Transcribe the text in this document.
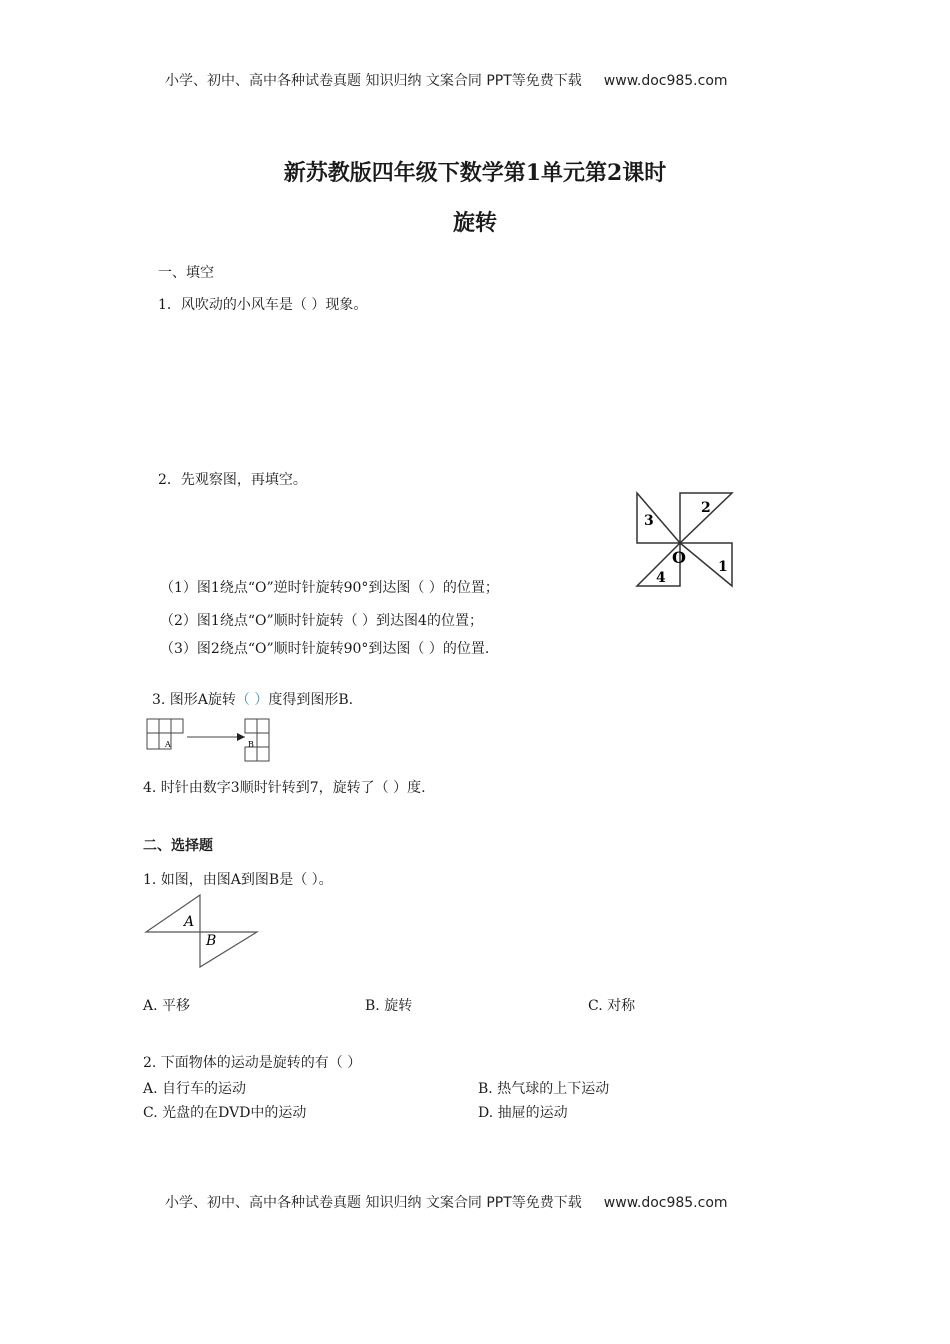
小学、初中、高中各种试卷真题 知识归纳 文案合同 PPT等免费下载 www.doc985.com
新苏教版四年级下数学第1单元第2课时
旋转
一、填空
1．风吹动的小风车是（ ）现象。
2．先观察图，再填空。
（1）图1绕点“O”逆时针旋转90°到达图（ ）的位置；
（2）图1绕点“O”顺时针旋转（ ）到达图4的位置；
（3）图2绕点“O”顺时针旋转90°到达图（ ）的位置.
2
3
4
1
O
3. 图形A旋转（ ）度得到图形B.
A	B
4. 时针由数字3顺时针转到7，旋转了（ ）度.
二、选择题
1. 如图，由图A到图B是（ ）。
A
B
A. 平移	B. 旋转	C. 对称
2. 下面物体的运动是旋转的有（ ）
A. 自行车的运动	B. 热气球的上下运动
C. 光盘的在DVD中的运动	D. 抽屉的运动
小学、初中、高中各种试卷真题 知识归纳 文案合同 PPT等免费下载 www.doc985.com
